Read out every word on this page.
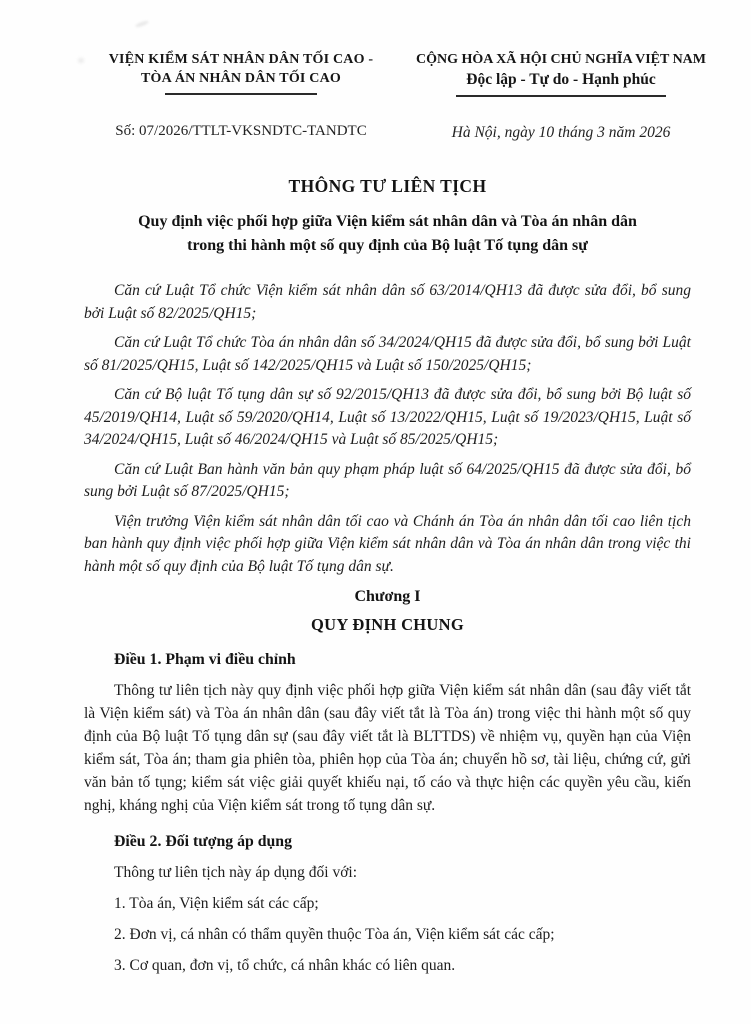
VIỆN KIỂM SÁT NHÂN DÂN TỐI CAO -
TÒA ÁN NHÂN DÂN TỐI CAO
Số: 07/2026/TTLT-VKSNDTC-TANDTC
CỘNG HÒA XÃ HỘI CHỦ NGHĨA VIỆT NAM
Độc lập - Tự do - Hạnh phúc
Hà Nội, ngày 10 tháng 3 năm 2026
THÔNG TƯ LIÊN TỊCH
Quy định việc phối hợp giữa Viện kiểm sát nhân dân và Tòa án nhân dân
trong thi hành một số quy định của Bộ luật Tố tụng dân sự

Căn cứ Luật Tổ chức Viện kiểm sát nhân dân số 63/2014/QH13 đã được sửa đổi, bổ sung bởi Luật số 82/2025/QH15;

Căn cứ Luật Tổ chức Tòa án nhân dân số 34/2024/QH15 đã được sửa đổi, bổ sung bởi Luật số 81/2025/QH15, Luật số 142/2025/QH15 và Luật số 150/2025/QH15;

Căn cứ Bộ luật Tố tụng dân sự số 92/2015/QH13 đã được sửa đổi, bổ sung bởi Bộ luật số 45/2019/QH14, Luật số 59/2020/QH14, Luật số 13/2022/QH15, Luật số 19/2023/QH15, Luật số 34/2024/QH15, Luật số 46/2024/QH15 và Luật số 85/2025/QH15;

Căn cứ Luật Ban hành văn bản quy phạm pháp luật số 64/2025/QH15 đã được sửa đổi, bổ sung bởi Luật số 87/2025/QH15;

Viện trưởng Viện kiểm sát nhân dân tối cao và Chánh án Tòa án nhân dân tối cao liên tịch ban hành quy định việc phối hợp giữa Viện kiểm sát nhân dân và Tòa án nhân dân trong việc thi hành một số quy định của Bộ luật Tố tụng dân sự.

Chương I
QUY ĐỊNH CHUNG
Điều 1. Phạm vi điều chỉnh
Thông tư liên tịch này quy định việc phối hợp giữa Viện kiểm sát nhân dân (sau đây viết tắt là Viện kiểm sát) và Tòa án nhân dân (sau đây viết tắt là Tòa án) trong việc thi hành một số quy định của Bộ luật Tố tụng dân sự (sau đây viết tắt là BLTTDS) về nhiệm vụ, quyền hạn của Viện kiểm sát, Tòa án; tham gia phiên tòa, phiên họp của Tòa án; chuyển hồ sơ, tài liệu, chứng cứ, gửi văn bản tố tụng; kiểm sát việc giải quyết khiếu nại, tố cáo và thực hiện các quyền yêu cầu, kiến nghị, kháng nghị của Viện kiểm sát trong tố tụng dân sự.
Điều 2. Đối tượng áp dụng
Thông tư liên tịch này áp dụng đối với:
1. Tòa án, Viện kiểm sát các cấp;
2. Đơn vị, cá nhân có thẩm quyền thuộc Tòa án, Viện kiểm sát các cấp;
3. Cơ quan, đơn vị, tổ chức, cá nhân khác có liên quan.
